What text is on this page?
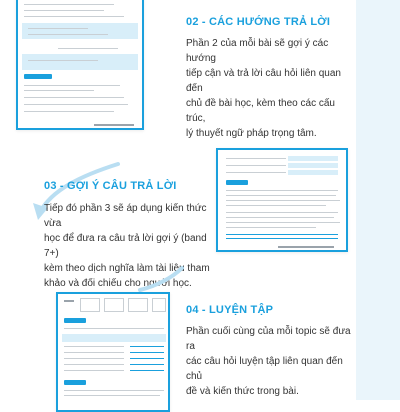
02 - CÁC HƯỚNG TRẢ LỜI
Phần 2 của mỗi bài sẽ gợi ý các hướng
tiếp cận và trả lời câu hỏi liên quan đến
chủ đề bài học, kèm theo các cấu trúc,
lý thuyết ngữ pháp trọng tâm.
03 - GỢI Ý CÂU TRẢ LỜI
Tiếp đó phần 3 sẽ áp dụng kiến thức vừa
học để đưa ra câu trả lời gợi ý (band 7+)
kèm theo dịch nghĩa làm tài liệu tham
khảo và đối chiếu cho người học.
04 - LUYỆN TẬP
Phần cuối cùng của mỗi topic sẽ đưa ra
các câu hỏi luyện tập liên quan đến chủ
đề và kiến thức trong bài.
